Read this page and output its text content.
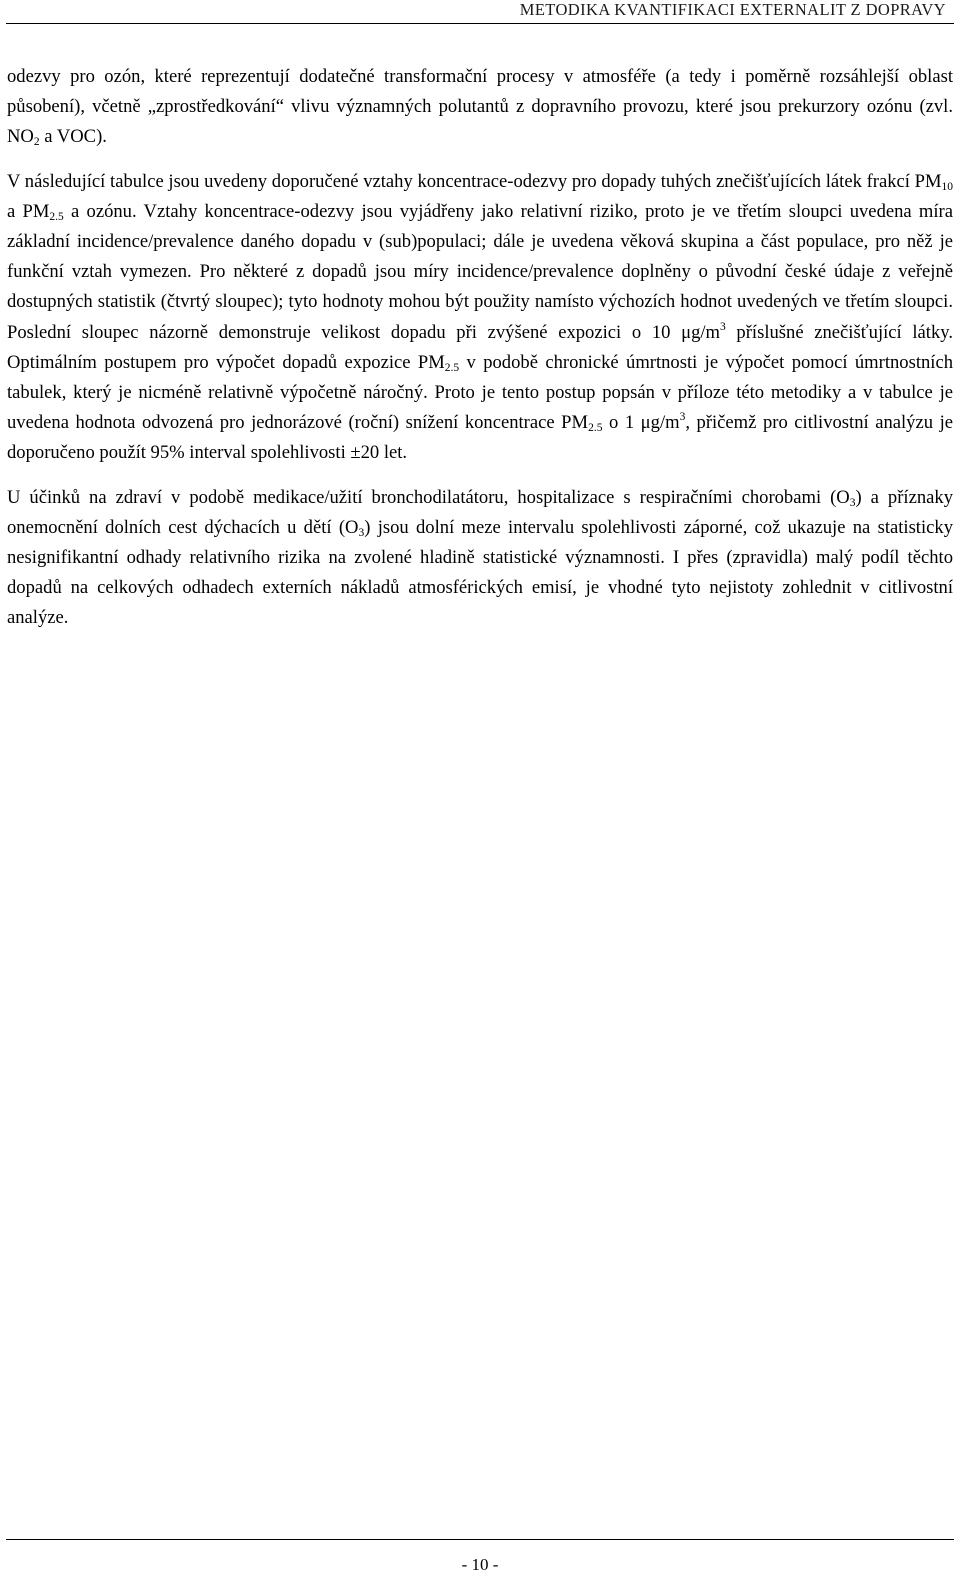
METODIKA KVANTIFIKACI EXTERNALIT Z DOPRAVY

odezvy pro ozón, které reprezentují dodatečné transformační procesy v atmosféře (a tedy i poměrně rozsáhlejší oblast působení), včetně „zprostředkování“ vlivu významných polutantů z dopravního provozu, které jsou prekurzory ozónu (zvl. $NO_2$ a VOC).

V následující tabulce jsou uvedeny doporučené vztahy koncentrace-odezvy pro dopady tuhých znečišťujících látek frakcí $PM_{10}$ a $PM_{2.5}$ a ozónu. Vztahy koncentrace-odezvy jsou vyjádřeny jako relativní riziko, proto je ve třetím sloupci uvedena míra základní incidence/prevalence daného dopadu v (sub)populaci; dále je uvedena věková skupina a část populace, pro něž je funkční vztah vymezen. Pro některé z dopadů jsou míry incidence/prevalence doplněny o původní české údaje z veřejně dostupných statistik (čtvrtý sloupec); tyto hodnoty mohou být použity namísto výchozích hodnot uvedených ve třetím sloupci. Poslední sloupec názorně demonstruje velikost dopadu při zvýšené expozici o 10 $\mu g/m^3$ příslušné znečišťující látky. Optimálním postupem pro výpočet dopadů expozice $PM_{2.5}$ v podobě chronické úmrtnosti je výpočet pomocí úmrtnostních tabulek, který je nicméně relativně výpočetně náročný. Proto je tento postup popsán v příloze této metodiky a v tabulce je uvedena hodnota odvozená pro jednorázové (roční) snížení koncentrace $PM_{2.5}$ o 1 $\mu g/m^3$, přičemž pro citlivostní analýzu je doporučeno použít 95% interval spolehlivosti ±20 let.

U účinků na zdraví v podobě medikace/užití bronchodilatátoru, hospitalizace s respiračními chorobami $(O_3)$ a příznaky onemocnění dolních cest dýchacích u dětí $(O_3)$ jsou dolní meze intervalu spolehlivosti záporné, což ukazuje na statisticky nesignifikantní odhady relativního rizika na zvolené hladině statistické významnosti. I přes (zpravidla) malý podíl těchto dopadů na celkových odhadech externích nákladů atmosférických emisí, je vhodné tyto nejistoty zohlednit v citlivostní analýze.

- 10 -
